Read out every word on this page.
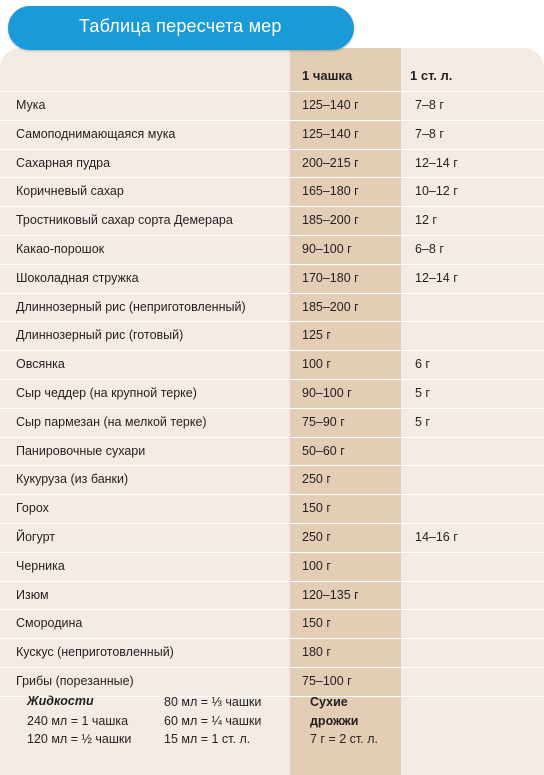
Таблица пересчета мер
1 чашка	1 ст. л.
Мука	125–140 г	7–8 г
Самоподнимающаяся мука	125–140 г	7–8 г
Сахарная пудра	200–215 г	12–14 г
Коричневый сахар	165–180 г	10–12 г
Тростниковый сахар сорта Демерара	185–200 г	12 г
Какао-порошок	90–100 г	6–8 г
Шоколадная стружка	170–180 г	12–14 г
Длиннозерный рис (неприготовленный)	185–200 г
Длиннозерный рис (готовый)	125 г
Овсянка	100 г	6 г
Сыр чеддер (на крупной терке)	90–100 г	5 г
Сыр пармезан (на мелкой терке)	75–90 г	5 г
Панировочные сухари	50–60 г
Кукуруза (из банки)	250 г
Горох	150 г
Йогурт	250 г	14–16 г
Черника	100 г
Изюм	120–135 г
Смородина	150 г
Кускус (неприготовленный)	180 г
Грибы (порезанные)	75–100 г
Жидкости
240 мл = 1 чашка
120 мл = ½ чашки
80 мл = ⅓ чашки
60 мл = ¼ чашки
15 мл = 1 ст. л.
Сухие
дрожжи
7 г = 2 ст. л.
